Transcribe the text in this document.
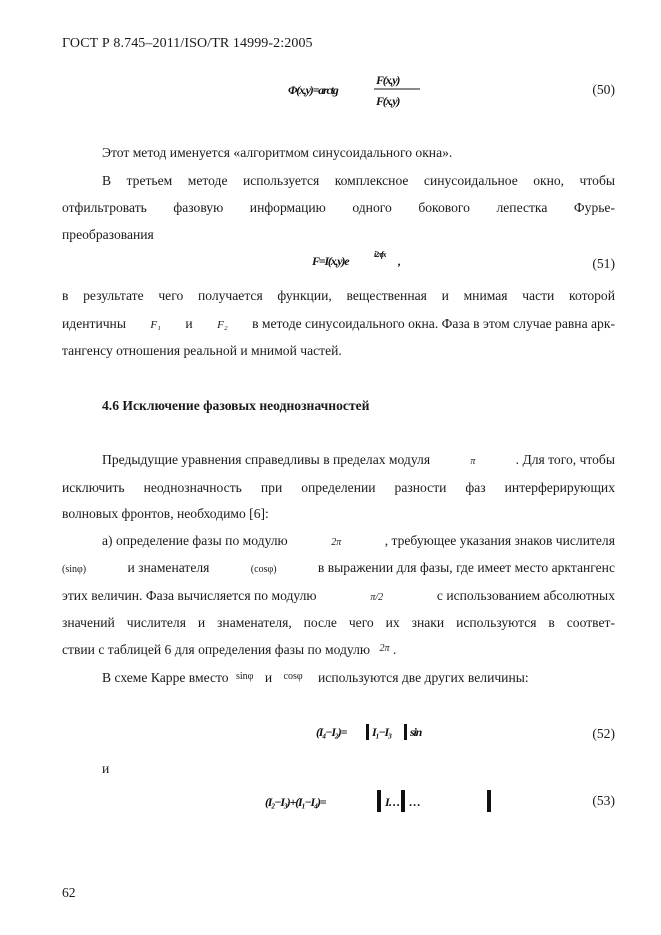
ГОСТ Р 8.745–2011/ISO/TR 14999-2:2005
F(x,y)
Φ(x,y)=arctg
F(x,y)
(50)
Этот метод именуется «алгоритмом синусоидального окна».
В третьем методе используется комплексное синусоидальное окно, чтобы
отфильтровать фазовую информацию одного бокового лепестка Фурье-
преобразования
F=I(x,y)e	i2πfx ,	(51)
в результате чего получается функции, вещественная и мнимая части которой
идентичны F₁ и F₂ в методе синусоидального окна. Фаза в этом случае равна арк-
тангенсу отношения реальной и мнимой частей.
4.6 Исключение фазовых неоднозначностей
Предыдущие уравнения справедливы в пределах модуля	π	. Для того, чтобы
исключить неоднозначность при определении разности фаз интерферирующих
волновых фронтов, необходимо [6]:
а) определение фазы по модулю	2π	, требующее указания знаков числителя
(sinφ)	и знаменателя	(cosφ)	в выражении для фазы, где имеет место арктангенс
этих величин. Фаза вычисляется по модулю	π/2	с использованием абсолютных
значений числителя и знаменателя, после чего их знаки используются в соответ-
ствии с таблицей 6 для определения фазы по модулю $^{2\pi}$ .
В схеме Карре вместо $^{sin\varphi}$ и $^{cos\varphi}$ используются две других величины:
(I₄−I₂)= I₁−I₃ sin	(52)
и
(I₂−I₃)+(I₁−I₄)=	I… …	(53)
62
